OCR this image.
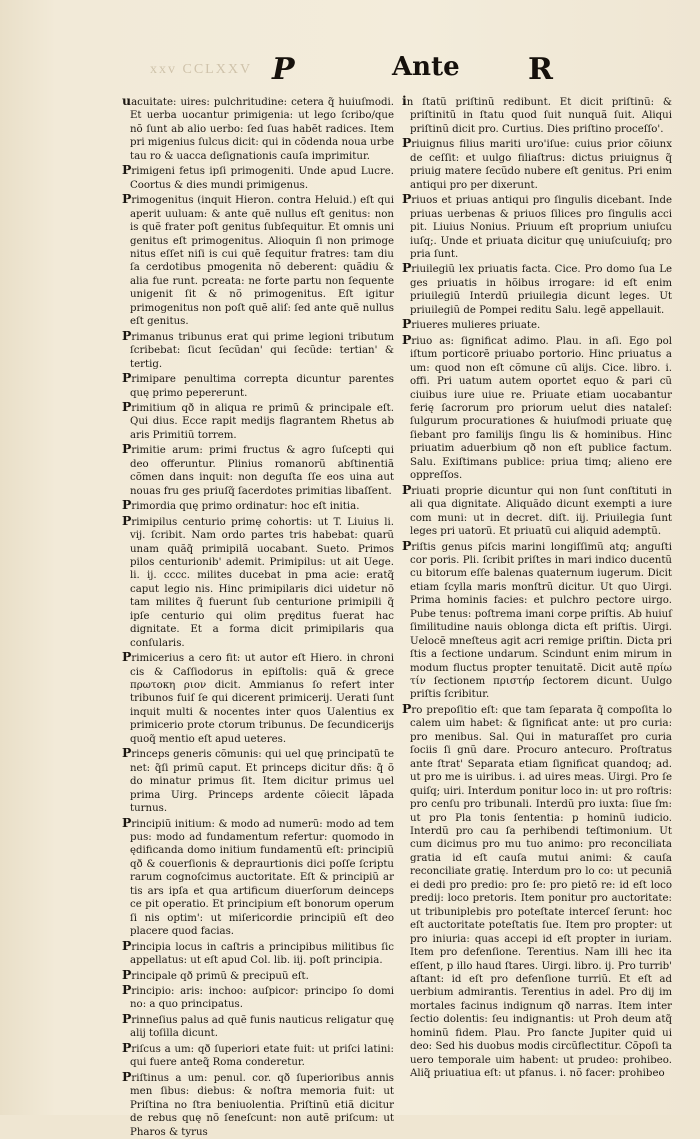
xxv CCLXXV P	Ante R

uacuitate: uires: pulchritudine: cetera q̃ huiuſmodi. Et uerba uocantur primigenia: ut lego ſcribo/que nõ ſunt ab alio uerbo: ſed ſuas habẽt radices. Item pri migenius ſulcus dicit: qui in cõdenda noua urbe tau ro & uacca deſignationis cauſa imprimitur.

Primigeni fetus ipſi primogeniti. Unde apud Lucre. Coortus & dies mundi primigenus.

Primogenitus (inquit Hieron. contra Heluid.) eſt qui aperit uuluam: & ante quẽ nullus eſt genitus: non is quẽ frater poſt genitus ſubſequitur. Et omnis uni genitus eſt primogenitus. Alioquin ſi non primoge nitus eſſet niſi is cui quẽ ſequitur fratres: tam diu ſa cerdotibus pmogenita nõ deberent: quãdiu & alia fue runt. pcreata: ne forte partu non ſequente unigenit ſit & nõ primogenitus. Eſt igitur primogenitus non poſt quẽ aliſ: ſed ante quẽ nullus eſt genitus.

Primanus tribunus erat qui prime legioni tributum ſcribebat: ſicut ſecũdan' qui ſecũde: tertian' & tertig.

Primipare penultima correpta dicuntur parentes quę primo pepererunt.

Primitium qð in aliqua re primũ & principale eſt. Qui dius. Ecce rapit medijs flagrantem Rhetus ab aris Primitiũ torrem.

Primitie arum: primi fructus & agro ſuſcepti qui deo offeruntur. Plinius romanorũ abſtinentiã cõmen dans inquit: non deguſta ſſe eos uina aut nouas fru ges priuſq̃ ſacerdotes primitias libaſſent.

Primordia quę primo ordinatur: hoc eſt initia.

Primipilus centurio primę cohortis: ut T. Liuius li. vij. ſcribit. Nam ordo partes tris habebat: quarũ unam quãq̃ primipilã uocabant. Sueto. Primos pilos centurionib' ademit. Primipilus: ut ait Uege. li. ij. cccc. milites ducebat in pma acie: eratq̃ caput legio nis. Hinc primipilaris dici uidetur nõ tam milites q̃ fuerunt ſub centurione primipili q̃ ipſe centurio qui olim pręditus fuerat hac dignitate. Et a forma dicit primipilaris qua conſularis.

Primicerius a cero fit: ut autor eſt Hiero. in chroni cis & Caſſiodorus in epiſtolis: quã & grece πρωτοκη ριον dicit. Ammianus ſo refert inter tribunos fuiſ ſe qui dicerent primicerij. Uerati ſunt inquit multi & nocentes inter quos Ualentius ex primicerio prote ctorum tribunus. De ſecundicerijs quoq̃ mentio eſt apud ueteres.

Princeps generis cõmunis: qui uel quę principatũ te net: q̃ſi primũ caput. Et princeps dicitur dñs: q̃ õ do minatur primus ſit. Item dicitur primus uel prima Uirg. Princeps ardente cõiecit lãpada turnus.

Principiũ initium: & modo ad numerũ: modo ad tem pus: modo ad fundamentum refertur: quomodo in ędificanda domo initium fundamentũ eſt: principiũ qð & couerſionis & depraurtionis dici poſſe ſcriptu rarum cognoſcimus auctoritate. Eſt & principiũ ar tis ars ipſa et qua artificum diuerſorum deinceps ce pit operatio. Et principium eſt bonorum operum ſi nis optim': ut miſericordie principiũ eſt deo placere quod facias.

Principia locus in caſtris a principibus militibus ſic appellatus: ut eſt apud Col. lib. iij. poſt principia.

Principale qð primũ & precipuũ eſt.

Principio: aris: inchoo: auſpicor: principo ſo domi no: a quo principatus.

Prinneſius palus ad quẽ funis nauticus religatur quę alij toſilla dicunt.

Priſcus a um: qð ſuperiori etate fuit: ut priſci latini: qui fuere anteq̃ Roma conderetur.

Priſtinus a um: penul. cor. qð ſuperioribus annis men ſibus: diebus: & noſtra memoria fuit: ut Priſtina no ſtra beniuolentia. Priſtinũ etiã dicitur de rebus quę nõ ſeneſcunt: non autẽ priſcum: ut Pharos & tyrus

in ſtatũ priſtinũ redibunt. Et dicit priſtinũ: & priſtinitũ in ſtatu quod ſuit nunquã ſuit. Aliqui priſtinũ dicit pro. Curtius. Dies priſtino proceſſo'.

Priuignus filius mariti uro'iſue: cuius prior cõiunx de ceſſit: et uulgo filiaſtrus: dictus priuignus q̃ priuig matere ſecũdo nubere eſt genitus. Pri enim antiqui pro per dixerunt.

Priuos et priuas antiqui pro ſingulis dicebant. Inde priuas uerbenas & priuos ſilices pro ſingulis acci pit. Liuius Nonius. Priuum eſt proprium uniuſcu iuſq;. Unde et priuata dicitur quę uniuſcuiuſq; pro pria ſunt.

Priuilegiũ lex priuatis facta. Cice. Pro domo ſua Le ges priuatis in hõibus irrogare: id eſt enim priuilegiũ Interdũ priuilegia dicunt leges. Ut priuilegiũ de Pompei reditu Salu. legẽ appellauit.

Priueres mulieres priuate.

Priuo as: ſignificat adimo. Plau. in aſi. Ego pol iſtum porticorẽ priuabo portorio. Hinc priuatus a um: quod non eſt cõmune cũ alijs. Cice. libro. i. offi. Pri uatum autem oportet equo & pari cũ ciuibus iure uiue re. Priuate etiam uocabantur ferię ſacrorum pro priorum uelut dies nataleſ: ſulgurum procurationes & huiuſmodi priuate quę ſiebant pro familijs ſingu lis & hominibus. Hinc priuatim aduerbium qð non eſt publice factum. Salu. Exiſtimans publice: priua timq; alieno ere oppreſſos.

Priuati proprie dicuntur qui non ſunt conſtituti in ali qua dignitate. Aliquãdo dicunt exempti a iure com muni: ut in decret. diſt. iij. Priuilegia ſunt leges pri uatorũ. Et priuatũ cui aliquid ademptũ.

Priſtis genus piſcis marini longiſſimũ atq; anguſti cor poris. Pli. ſcribit priſtes in mari indico ducentũ cu bitorum eſſe balenas quaternum iugerum. Dicit etiam ſcylla maris monſtrũ dicitur. Ut quo Uirgi. Prima hominis facies: et pulchro pectore uirgo. Pube tenus: poſtrema imani corpe priſtis. Ab huiuſ ſimilitudine nauis oblonga dicta eſt priſtis. Uirgi. Uelocẽ mneſteus agit acri remige priſtin. Dicta pri ſtis a ſectione undarum. Scindunt enim mirum in modum fluctus propter tenuitatẽ. Dicit autẽ πρίω τίν ſectionem πριστήρ ſectorem dicunt. Uulgo priſtis ſcribitur.

Pro prepoſitio eſt: que tam ſeparata q̃ compoſita lo calem uim habet: & ſignificat ante: ut pro curia: pro menibus. Sal. Qui in maturaſſet pro curia ſociis ſi gnũ dare. Procuro antecuro. Proſtratus ante ſtrat' Separata etiam ſignificat quandoq; ad. ut pro me is uiribus. i. ad uires meas. Uirgi. Pro ſe quiſq; uiri. Interdum ponitur loco in: ut pro roſtris: pro cenſu pro tribunali. Interdũ pro iuxta: ſiue ſm: ut pro Pla tonis ſententia: p hominũ iudicio. Interdũ pro cau ſa perhibendi teſtimonium. Ut cum dicimus pro mu tuo animo: pro reconciliata gratia id eſt cauſa mutui animi: & cauſa reconciliate gratię. Interdum pro lo co: ut pecuniã ei dedi pro predio: pro ſe: pro pietõ re: id eſt loco predij: loco pretoris. Item ponitur pro auctoritate: ut tribuniplebis pro poteſtate interceſ ſerunt: hoc eſt auctoritate poteſtatis ſue. Item pro propter: ut pro iniuria: quas accepi id eſt propter in iuriam. Item pro defenſione. Terentius. Nam illi hec ita eſſent, p illo haud ſtares. Uirgi. libro. ij. Pro turrib' aſtant: id eſt pro defenſione turriũ. Et eſt ad uerbium admirantis. Terentius in adel. Pro dij im mortales facinus indignum qð narras. Item inter ſectio dolentis: ſeu indignantis: ut Proh deum atq̃ hominũ fidem. Plau. Pro ſancte Jupiter quid ui deo: Sed his duobus modis circũflectitur. Cõpoſi ta uero temporale uim habent: ut prudeo: prohibeo. Aliq̃ priuatiua eſt: ut pfanus. i. nõ facer: prohibeo
